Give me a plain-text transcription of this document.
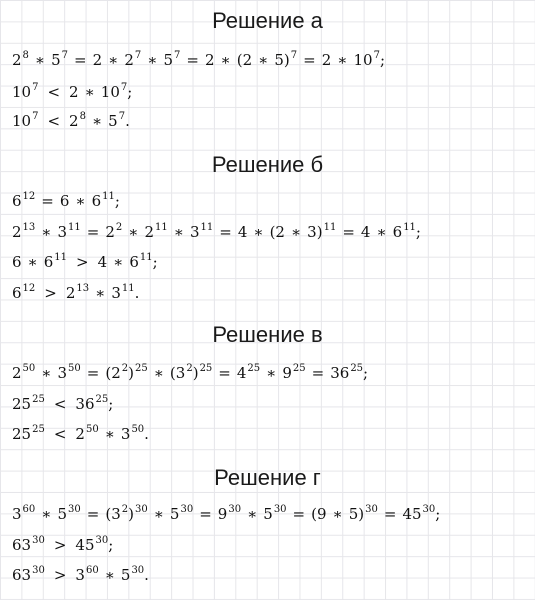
Решение а
$2^8$ ∗ $5^7 = 2$ ∗ $2^7$ ∗ $5^7 = 2$ ∗ (2 ∗ 5)$^7$ = 2 ∗ $10^7$;
$10^7 < 2$ ∗ $10^7$;
$10^7 < 2^8$ ∗ $5^7$.
Решение б
$6^{12} = 6$ ∗ $6^{11}$;
$2^{13}$ ∗ $3^{11} = 2^2$ ∗ $2^{11}$ ∗ $3^{11} = 4$ ∗ (2 ∗ 3)$^{11}$ = 4 ∗ $6^{11}$;
6 ∗ $6^{11} > 4$ ∗ $6^{11}$;
$6^{12} > 2^{13}$ ∗ $3^{11}$.
Решение в
$2^{50}$ ∗ $3^{50} = (2^2)^{25}$ ∗ $(3^2)^{25} = 4^{25}$ ∗ $9^{25} = 36^{25}$;
$25^{25} < 36^{25}$;
$25^{25} < 2^{50}$ ∗ $3^{50}$.
Решение г
$3^{60}$ ∗ $5^{30} = (3^2)^{30}$ ∗ $5^{30} = 9^{30}$ ∗ $5^{30} = (9$ ∗ $5)^{30} = 45^{30}$;
$63^{30} > 45^{30}$;
$63^{30} > 3^{60}$ ∗ $5^{30}$.
